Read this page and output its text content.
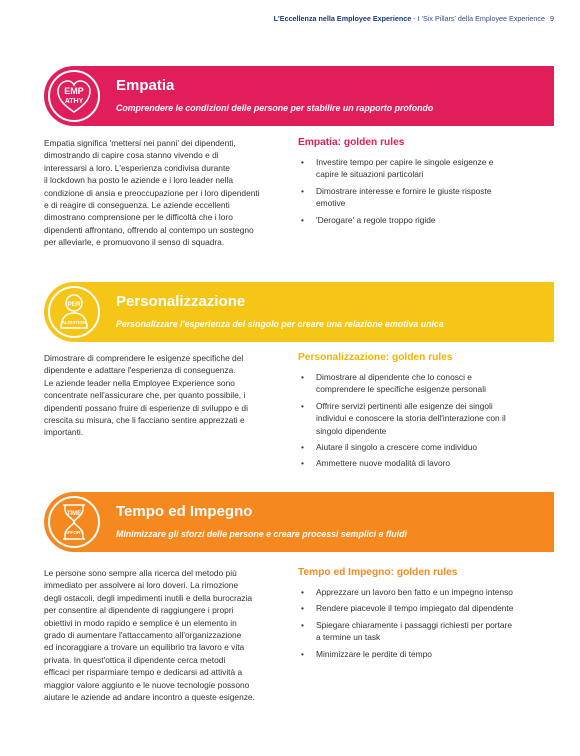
L'Eccellenza nella Employee Experience - I 'Six Pillars' della Employee Experience 9
EMP
ATHY
Empatia
Comprendere le condizioni delle persone per stabilire un rapporto profondo
Empatia significa 'mettersi nei panni' dei dipendenti,
dimostrando di capire cosa stanno vivendo e di
interessarsi a loro. L'esperienza condivisa durante
il lockdown ha posto le aziende e i loro leader nella
condizione di ansia e preoccupazione per i loro dipendenti
e di reagire di conseguenza. Le aziende eccellenti
dimostrano comprensione per le difficoltà che i loro
dipendenti affrontano, offrendo al contempo un sostegno
per alleviarle, e promuovono il senso di squadra.
Empatia: golden rules
• Investire tempo per capire le singole esigenze e
capire le situazioni particolari
• Dimostrare interesse e fornire le giuste risposte
emotive
• 'Derogare' a regole troppo rigide
PER
ALISATION
Personalizzazione
Personalizzare l'esperienza del singolo per creare una relazione emotiva unica
Dimostrare di comprendere le esigenze specifiche del
dipendente e adattare l'esperienza di conseguenza.
Le aziende leader nella Employee Experience sono
concentrate nell'assicurare che, per quanto possibile, i
dipendenti possano fruire di esperienze di sviluppo e di
crescita su misura, che li facciano sentire apprezzati e
importanti.
Personalizzazione: golden rules
• Dimostrare al dipendente che lo conosci e
comprendere le specifiche esigenze personali
• Offrire servizi pertinenti alle esigenze dei singoli
individui e conoscere la storia dell'interazione con il
singolo dipendente
• Aiutare il singolo a crescere come individuo
• Ammettere nuove modalità di lavoro
TIME
EFFORT
Tempo ed Impegno
Minimizzare gli sforzi delle persone e creare processi semplici e fluidi
Le persone sono sempre alla ricerca del metodo più
immediato per assolvere ai loro doveri. La rimozione
degli ostacoli, degli impedimenti inutili e della burocrazia
per consentire al dipendente di raggiungere i propri
obiettivi in modo rapido e semplice è un elemento in
grado di aumentare l'attaccamento all'organizzazione
ed incoraggiare a trovare un equilibrio tra lavoro e vita
privata. In quest'ottica il dipendente cerca metodi
efficaci per risparmiare tempo e dedicarsi ad attività a
maggior valore aggiunto e le nuove tecnologie possono
aiutare le aziende ad andare incontro a queste esigenze.
Tempo ed Impegno: golden rules
• Apprezzare un lavoro ben fatto e un impegno intenso
• Rendere piacevole il tempo impiegato dal dipendente
• Spiegare chiaramente i passaggi richiesti per portare
a termine un task
• Minimizzare le perdite di tempo
